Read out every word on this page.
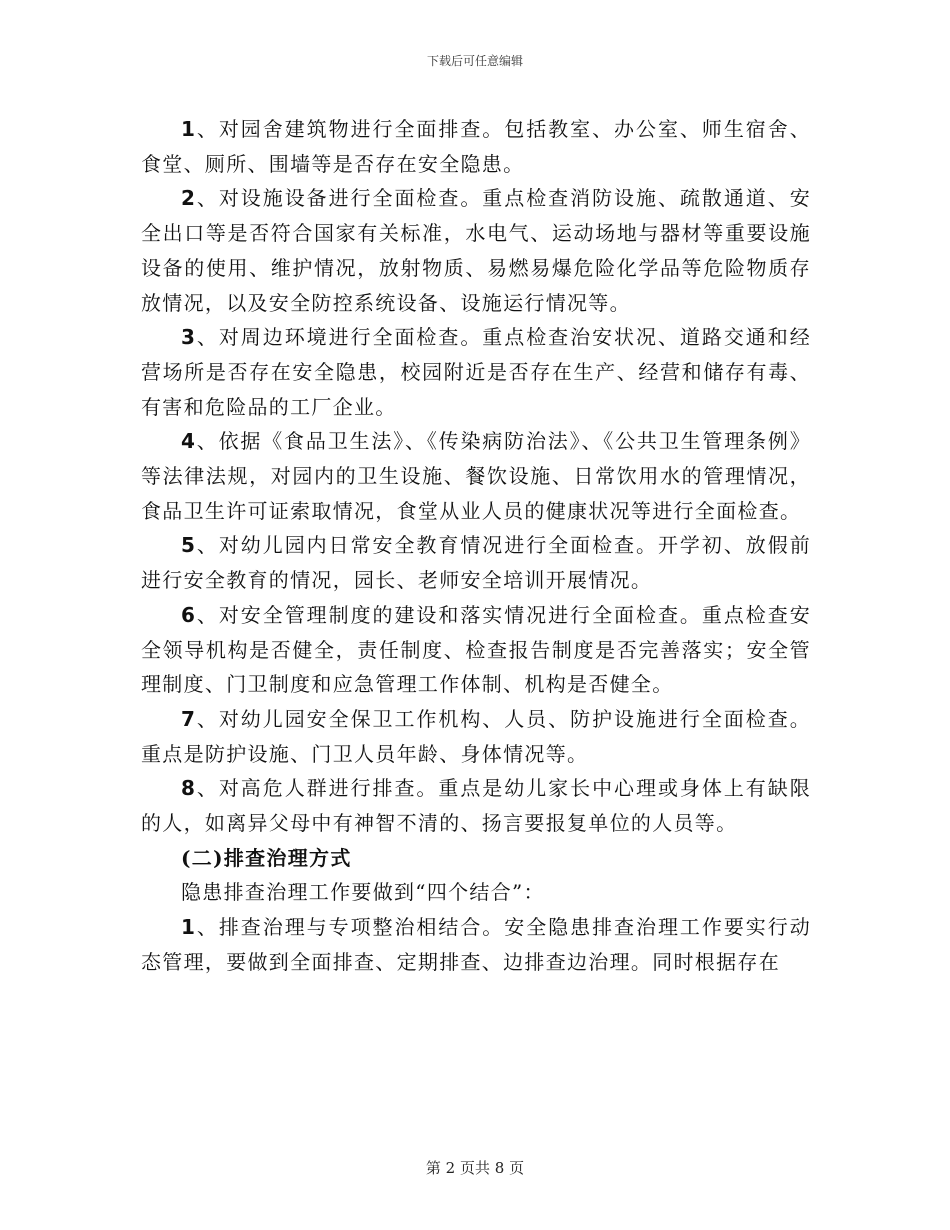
下载后可任意编辑

1、对园舍建筑物进行全面排查。包括教室、办公室、师生宿舍、食堂、厕所、围墙等是否存在安全隐患。

2、对设施设备进行全面检查。重点检查消防设施、疏散通道、安全出口等是否符合国家有关标准，水电气、运动场地与器材等重要设施设备的使用、维护情况，放射物质、易燃易爆危险化学品等危险物质存放情况，以及安全防控系统设备、设施运行情况等。

3、对周边环境进行全面检查。重点检查治安状况、道路交通和经营场所是否存在安全隐患，校园附近是否存在生产、经营和储存有毒、有害和危险品的工厂企业。

4、依据《食品卫生法》、《传染病防治法》、《公共卫生管理条例》等法律法规，对园内的卫生设施、餐饮设施、日常饮用水的管理情况，食品卫生许可证索取情况，食堂从业人员的健康状况等进行全面检查。

5、对幼儿园内日常安全教育情况进行全面检查。开学初、放假前进行安全教育的情况，园长、老师安全培训开展情况。

6、对安全管理制度的建设和落实情况进行全面检查。重点检查安全领导机构是否健全，责任制度、检查报告制度是否完善落实；安全管理制度、门卫制度和应急管理工作体制、机构是否健全。

7、对幼儿园安全保卫工作机构、人员、防护设施进行全面检查。重点是防护设施、门卫人员年龄、身体情况等。

8、对高危人群进行排查。重点是幼儿家长中心理或身体上有缺限的人，如离异父母中有神智不清的、扬言要报复单位的人员等。

(二)排查治理方式

隐患排查治理工作要做到“四个结合”：

1、排查治理与专项整治相结合。安全隐患排查治理工作要实行动态管理，要做到全面排查、定期排查、边排查边治理。同时根据存在

第 2 页共 8 页
